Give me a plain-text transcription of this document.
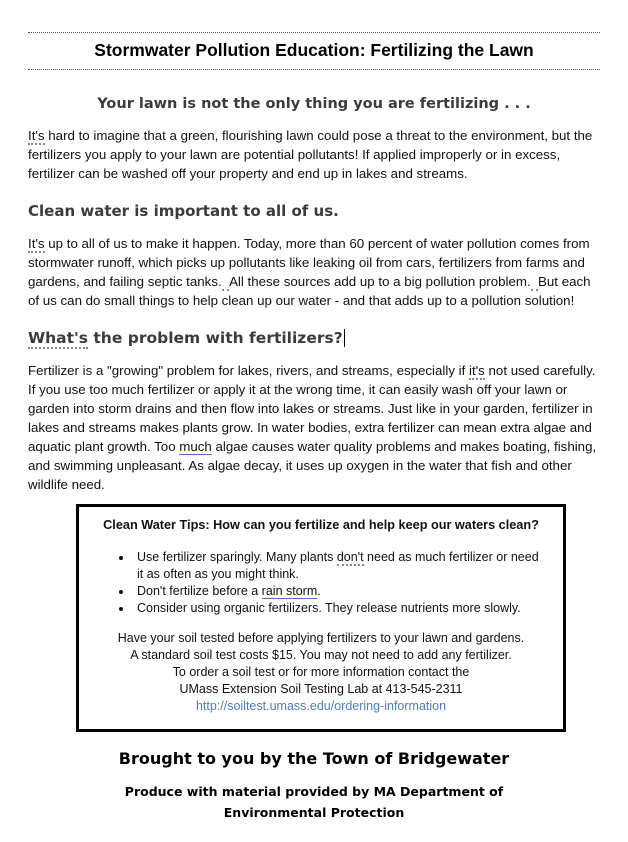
Stormwater Pollution Education: Fertilizing the Lawn
Your lawn is not the only thing you are fertilizing . . .
It's hard to imagine that a green, flourishing lawn could pose a threat to the environment, but the fertilizers you apply to your lawn are potential pollutants! If applied improperly or in excess, fertilizer can be washed off your property and end up in lakes and streams.
Clean water is important to all of us.
It's up to all of us to make it happen. Today, more than 60 percent of water pollution comes from stormwater runoff, which picks up pollutants like leaking oil from cars, fertilizers from farms and gardens, and failing septic tanks. All these sources add up to a big pollution problem. But each of us can do small things to help clean up our water - and that adds up to a pollution solution!
What's the problem with fertilizers?
Fertilizer is a "growing" problem for lakes, rivers, and streams, especially if it's not used carefully. If you use too much fertilizer or apply it at the wrong time, it can easily wash off your lawn or garden into storm drains and then flow into lakes or streams. Just like in your garden, fertilizer in lakes and streams makes plants grow. In water bodies, extra fertilizer can mean extra algae and aquatic plant growth. Too much algae causes water quality problems and makes boating, fishing, and swimming unpleasant. As algae decay, it uses up oxygen in the water that fish and other wildlife need.
Clean Water Tips: How can you fertilize and help keep our waters clean?
• Use fertilizer sparingly. Many plants don't need as much fertilizer or need it as often as you might think.
• Don't fertilize before a rain storm.
• Consider using organic fertilizers. They release nutrients more slowly.
Have your soil tested before applying fertilizers to your lawn and gardens.
A standard soil test costs $15. You may not need to add any fertilizer.
To order a soil test or for more information contact the
UMass Extension Soil Testing Lab at 413-545-2311
http://soiltest.umass.edu/ordering-information
Brought to you by the Town of Bridgewater
Produce with material provided by MA Department of
Environmental Protection
